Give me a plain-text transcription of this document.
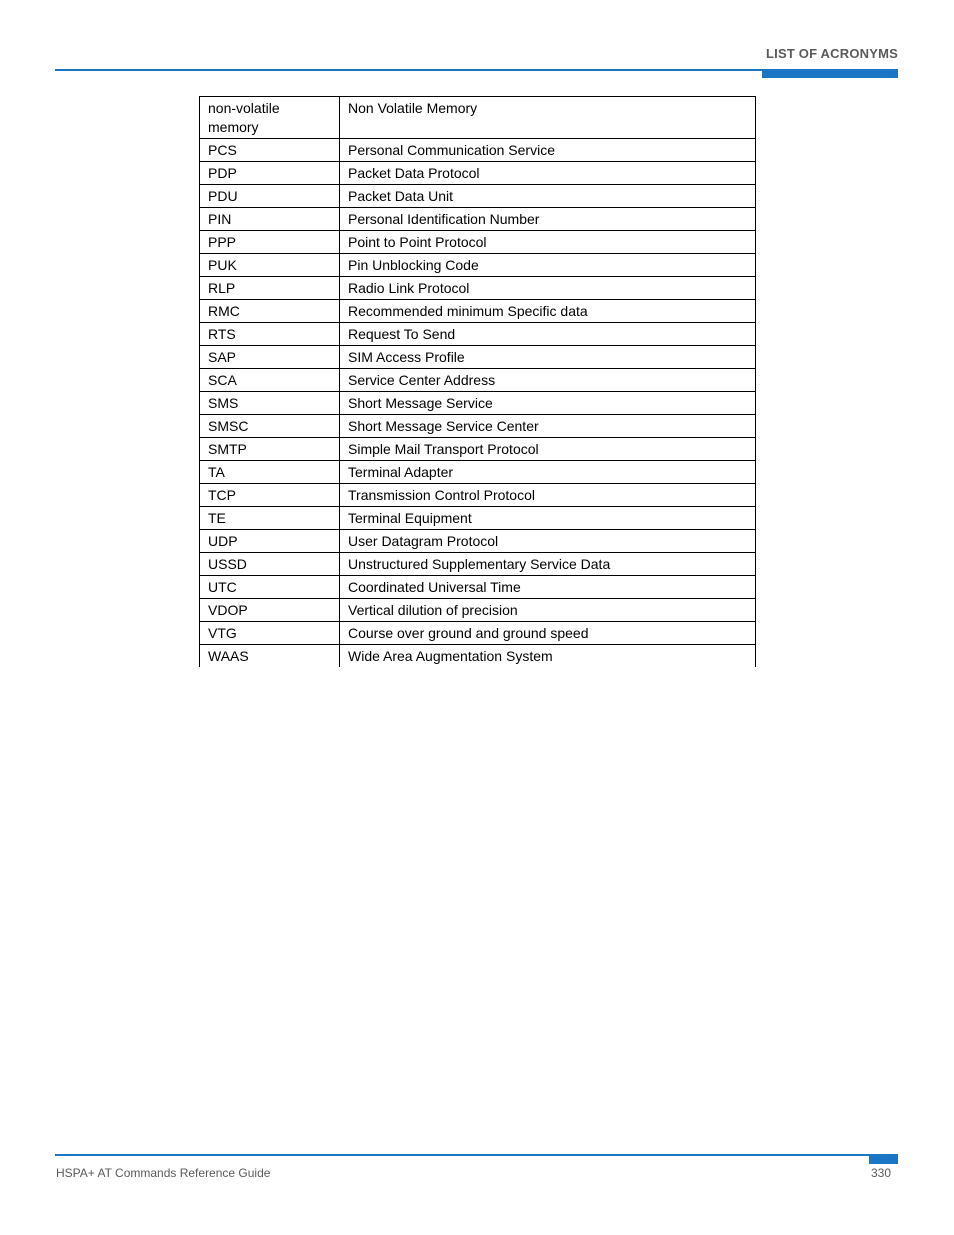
LIST OF ACRONYMS
non-volatile memory	Non Volatile Memory
PCS	Personal Communication Service
PDP	Packet Data Protocol
PDU	Packet Data Unit
PIN	Personal Identification Number
PPP	Point to Point Protocol
PUK	Pin Unblocking Code
RLP	Radio Link Protocol
RMC	Recommended minimum Specific data
RTS	Request To Send
SAP	SIM Access Profile
SCA	Service Center Address
SMS	Short Message Service
SMSC	Short Message Service Center
SMTP	Simple Mail Transport Protocol
TA	Terminal Adapter
TCP	Transmission Control Protocol
TE	Terminal Equipment
UDP	User Datagram Protocol
USSD	Unstructured Supplementary Service Data
UTC	Coordinated Universal Time
VDOP	Vertical dilution of precision
VTG	Course over ground and ground speed
WAAS	Wide Area Augmentation System
HSPA+ AT Commands Reference Guide	330
